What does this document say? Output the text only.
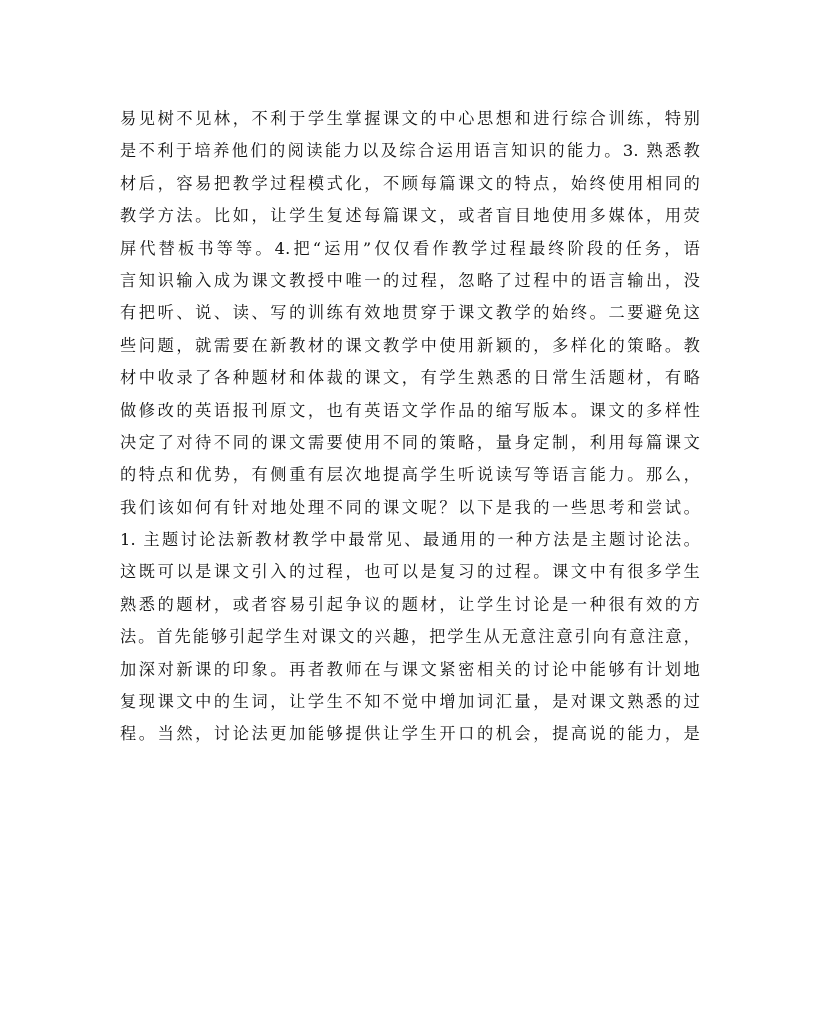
易见树不见林，不利于学生掌握课文的中心思想和进行综合训练，特别
是不利于培养他们的阅读能力以及综合运用语言知识的能力。3. 熟悉教
材后，容易把教学过程模式化，不顾每篇课文的特点，始终使用相同的
教学方法。比如，让学生复述每篇课文，或者盲目地使用多媒体，用荧
屏代替板书等等。4.把“运用”仅仅看作教学过程最终阶段的任务，语
言知识输入成为课文教授中唯一的过程，忽略了过程中的语言输出，没
有把听、说、读、写的训练有效地贯穿于课文教学的始终。二要避免这
些问题，就需要在新教材的课文教学中使用新颖的，多样化的策略。教
材中收录了各种题材和体裁的课文，有学生熟悉的日常生活题材，有略
做修改的英语报刊原文，也有英语文学作品的缩写版本。课文的多样性
决定了对待不同的课文需要使用不同的策略，量身定制，利用每篇课文
的特点和优势，有侧重有层次地提高学生听说读写等语言能力。那么，
我们该如何有针对地处理不同的课文呢？以下是我的一些思考和尝试。
1. 主题讨论法新教材教学中最常见、最通用的一种方法是主题讨论法。
这既可以是课文引入的过程，也可以是复习的过程。课文中有很多学生
熟悉的题材，或者容易引起争议的题材，让学生讨论是一种很有效的方
法。首先能够引起学生对课文的兴趣，把学生从无意注意引向有意注意，
加深对新课的印象。再者教师在与课文紧密相关的讨论中能够有计划地
复现课文中的生词，让学生不知不觉中增加词汇量，是对课文熟悉的过
程。当然，讨论法更加能够提供让学生开口的机会，提高说的能力，是
